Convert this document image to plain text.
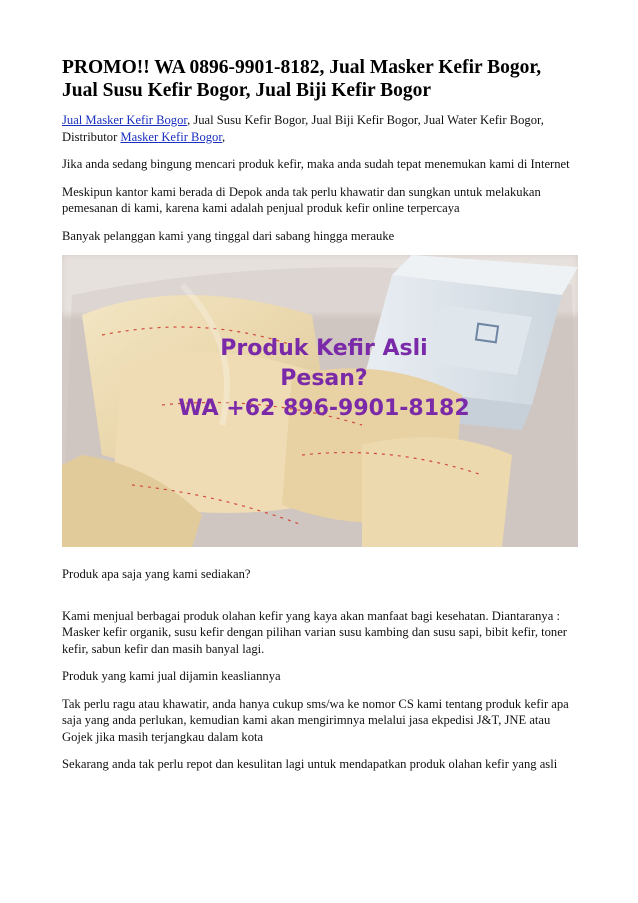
PROMO!! WA 0896-9901-8182, Jual Masker Kefir Bogor, Jual Susu Kefir Bogor, Jual Biji Kefir Bogor

Jual Masker Kefir Bogor, Jual Susu Kefir Bogor, Jual Biji Kefir Bogor, Jual Water Kefir Bogor, Distributor Masker Kefir Bogor,

Jika anda sedang bingung mencari produk kefir, maka anda sudah tepat menemukan kami di Internet

Meskipun kantor kami berada di Depok anda tak perlu khawatir dan sungkan untuk melakukan pemesanan di kami, karena kami adalah penjual produk kefir online terpercaya

Banyak pelanggan kami yang tinggal dari sabang hingga merauke

Produk Kefir Asli
Pesan?
WA +62 896-9901-8182

Produk apa saja yang kami sediakan?

Kami menjual berbagai produk olahan kefir yang kaya akan manfaat bagi kesehatan. Diantaranya : Masker kefir organik, susu kefir dengan pilihan varian susu kambing dan susu sapi, bibit kefir, toner kefir, sabun kefir dan masih banyal lagi.

Produk yang kami jual dijamin keasliannya

Tak perlu ragu atau khawatir, anda hanya cukup sms/wa ke nomor CS kami tentang produk kefir apa saja yang anda perlukan, kemudian kami akan mengirimnya melalui jasa ekpedisi J&T, JNE atau Gojek jika masih terjangkau dalam kota

Sekarang anda tak perlu repot dan kesulitan lagi untuk mendapatkan produk olahan kefir yang asli
